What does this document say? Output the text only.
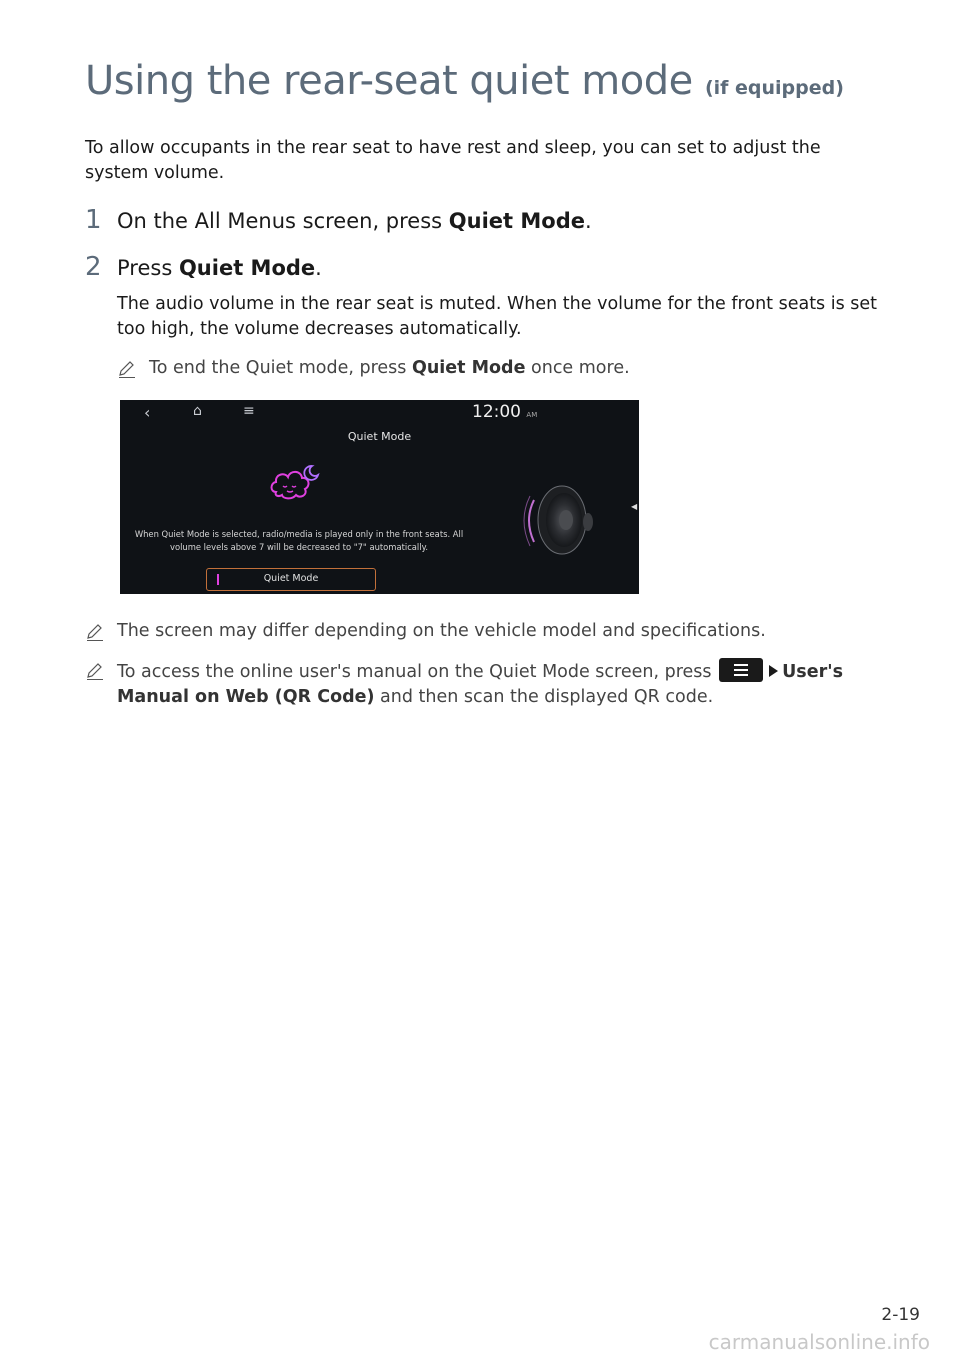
Using the rear-seat quiet mode (if equipped)

To allow occupants in the rear seat to have rest and sleep, you can set to adjust the system volume.

1 On the All Menus screen, press Quiet Mode.

2 Press Quiet Mode.

The audio volume in the rear seat is muted. When the volume for the front seats is set too high, the volume decreases automatically.

To end the Quiet mode, press Quiet Mode once more.
‹	⌂	≡	12:00 AM
Quiet Mode
When Quiet Mode is selected, radio/media is played only in the front seats. All volume levels above 7 will be decreased to "7" automatically.
Quiet Mode
◀
The screen may differ depending on the vehicle model and specifications.
To access the online user's manual on the Quiet Mode screen, press	User's Manual on Web (QR Code) and then scan the displayed QR code.
2-19
carmanualsonline.info
